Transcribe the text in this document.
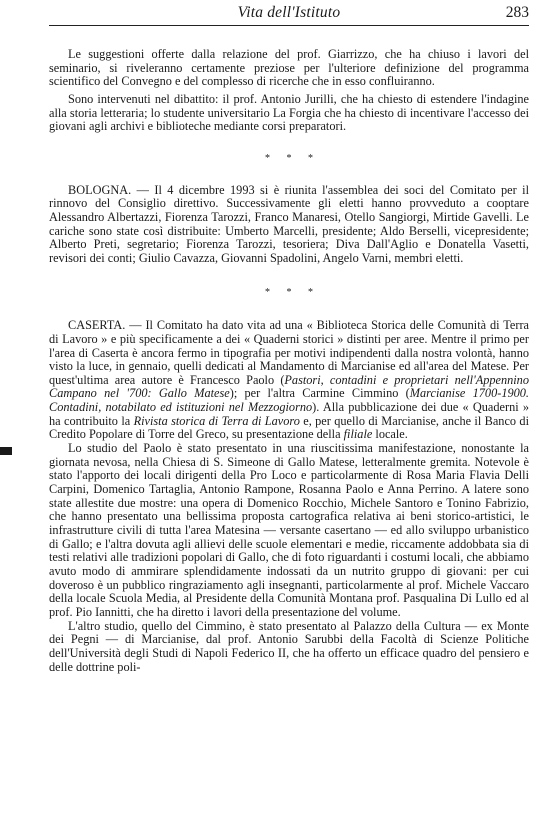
Vita dell'Istituto	283

Le suggestioni offerte dalla relazione del prof. Giarrizzo, che ha chiuso i lavori del seminario, si riveleranno certamente preziose per l'ulteriore definizione del programma scientifico del Convegno e del complesso di ricerche che in esso confluiranno.

Sono intervenuti nel dibattito: il prof. Antonio Jurilli, che ha chiesto di estendere l'indagine alla storia letteraria; lo studente universitario La Forgia che ha chiesto di incentivare l'accesso dei giovani agli archivi e biblioteche mediante corsi preparatori.

* * *

BOLOGNA. — Il 4 dicembre 1993 si è riunita l'assemblea dei soci del Comitato per il rinnovo del Consiglio direttivo. Successivamente gli eletti hanno provveduto a cooptare Alessandro Albertazzi, Fiorenza Tarozzi, Franco Manaresi, Otello Sangiorgi, Mirtide Gavelli. Le cariche sono state così distribuite: Umberto Marcelli, presidente; Aldo Berselli, vicepresidente; Alberto Preti, segretario; Fiorenza Tarozzi, tesoriera; Diva Dall'Aglio e Donatella Vasetti, revisori dei conti; Giulio Cavazza, Giovanni Spadolini, Angelo Varni, membri eletti.

* * *

CASERTA. — Il Comitato ha dato vita ad una « Biblioteca Storica delle Comunità di Terra di Lavoro » e più specificamente a dei « Quaderni storici » distinti per aree. Mentre il primo per l'area di Caserta è ancora fermo in tipografia per motivi indipendenti dalla nostra volontà, hanno visto la luce, in gennaio, quelli dedicati al Mandamento di Marcianise ed all'area del Matese. Per quest'ultima area autore è Francesco Paolo (Pastori, contadini e proprietari nell'Appennino Campano nel '700: Gallo Matese); per l'altra Carmine Cimmino (Marcianise 1700-1900. Contadini, notabilato ed istituzioni nel Mezzogiorno). Alla pubblicazione dei due « Quaderni » ha contribuito la Rivista storica di Terra di Lavoro e, per quello di Marcianise, anche il Banco di Credito Popolare di Torre del Greco, su presentazione della filiale locale.

Lo studio del Paolo è stato presentato in una riuscitissima manifestazione, nonostante la giornata nevosa, nella Chiesa di S. Simeone di Gallo Matese, letteralmente gremita. Notevole è stato l'apporto dei locali dirigenti della Pro Loco e particolarmente di Rosa Maria Flavia Delli Carpini, Domenico Tartaglia, Antonio Rampone, Rosanna Paolo e Anna Perrino. A latere sono state allestite due mostre: una opera di Domenico Rocchio, Michele Santoro e Tonino Fabrizio, che hanno presentato una bellissima proposta cartografica relativa ai beni storico-artistici, le infrastrutture civili di tutta l'area Matesina — versante casertano — ed allo sviluppo urbanistico di Gallo; e l'altra dovuta agli allievi delle scuole elementari e medie, riccamente addobbata sia di testi relativi alle tradizioni popolari di Gallo, che di foto riguardanti i costumi locali, che abbiamo avuto modo di ammirare splendidamente indossati da un nutrito gruppo di giovani: per cui doveroso è un pubblico ringraziamento agli insegnanti, particolarmente al prof. Michele Vaccaro della locale Scuola Media, al Presidente della Comunità Montana prof. Pasqualina Di Lullo ed al prof. Pio Iannitti, che ha diretto i lavori della presentazione del volume.

L'altro studio, quello del Cimmino, è stato presentato al Palazzo della Cultura — ex Monte dei Pegni — di Marcianise, dal prof. Antonio Sarubbi della Facoltà di Scienze Politiche dell'Università degli Studi di Napoli Federico II, che ha offerto un efficace quadro del pensiero e delle dottrine poli-
